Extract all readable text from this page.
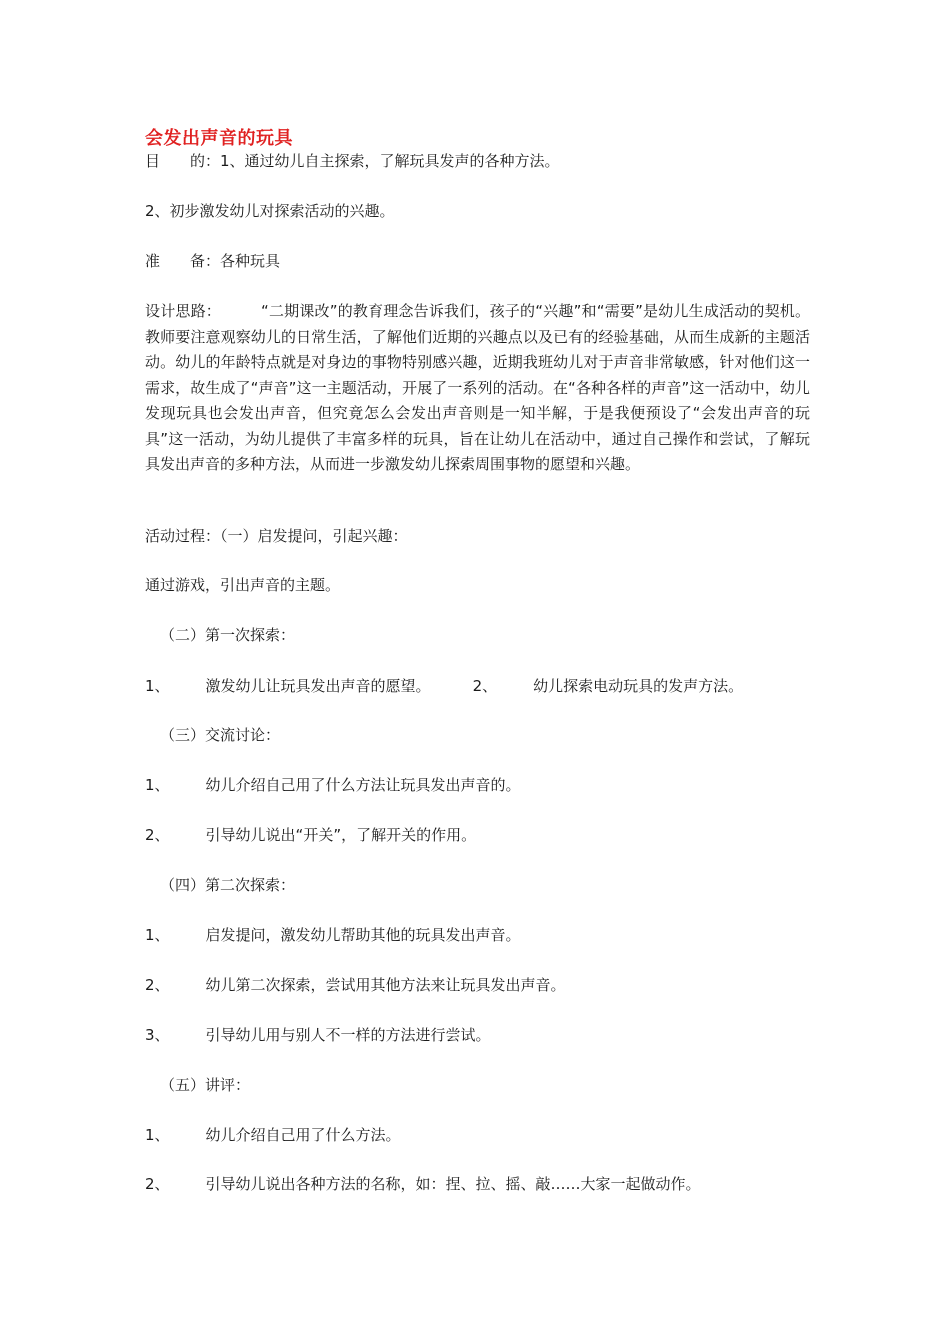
会发出声音的玩具
目　　的：1、通过幼儿自主探索，了解玩具发声的各种方法。
2、初步激发幼儿对探索活动的兴趣。
准　　备：各种玩具
设计思路：	“二期课改”的教育理念告诉我们，孩子的“兴趣”和“需要”是幼儿生成活动的契机。教师要注意观察幼儿的日常生活，了解他们近期的兴趣点以及已有的经验基础，从而生成新的主题活动。幼儿的年龄特点就是对身边的事物特别感兴趣，近期我班幼儿对于声音非常敏感，针对他们这一需求，故生成了“声音”这一主题活动，开展了一系列的活动。在“各种各样的声音”这一活动中，幼儿发现玩具也会发出声音，但究竟怎么会发出声音则是一知半解，于是我便预设了“会发出声音的玩具”这一活动，为幼儿提供了丰富多样的玩具，旨在让幼儿在活动中，通过自己操作和尝试，了解玩具发出声音的多种方法，从而进一步激发幼儿探索周围事物的愿望和兴趣。
活动过程：（一）启发提问，引起兴趣：
通过游戏，引出声音的主题。
（二）第一次探索：
1、 激发幼儿让玩具发出声音的愿望。	2、 幼儿探索电动玩具的发声方法。
（三）交流讨论：
1、 幼儿介绍自己用了什么方法让玩具发出声音的。
2、 引导幼儿说出“开关”，了解开关的作用。
（四）第二次探索：
1、 启发提问，激发幼儿帮助其他的玩具发出声音。
2、 幼儿第二次探索，尝试用其他方法来让玩具发出声音。
3、 引导幼儿用与别人不一样的方法进行尝试。
（五）讲评：
1、 幼儿介绍自己用了什么方法。
2、 引导幼儿说出各种方法的名称，如：捏、拉、摇、敲……大家一起做动作。
